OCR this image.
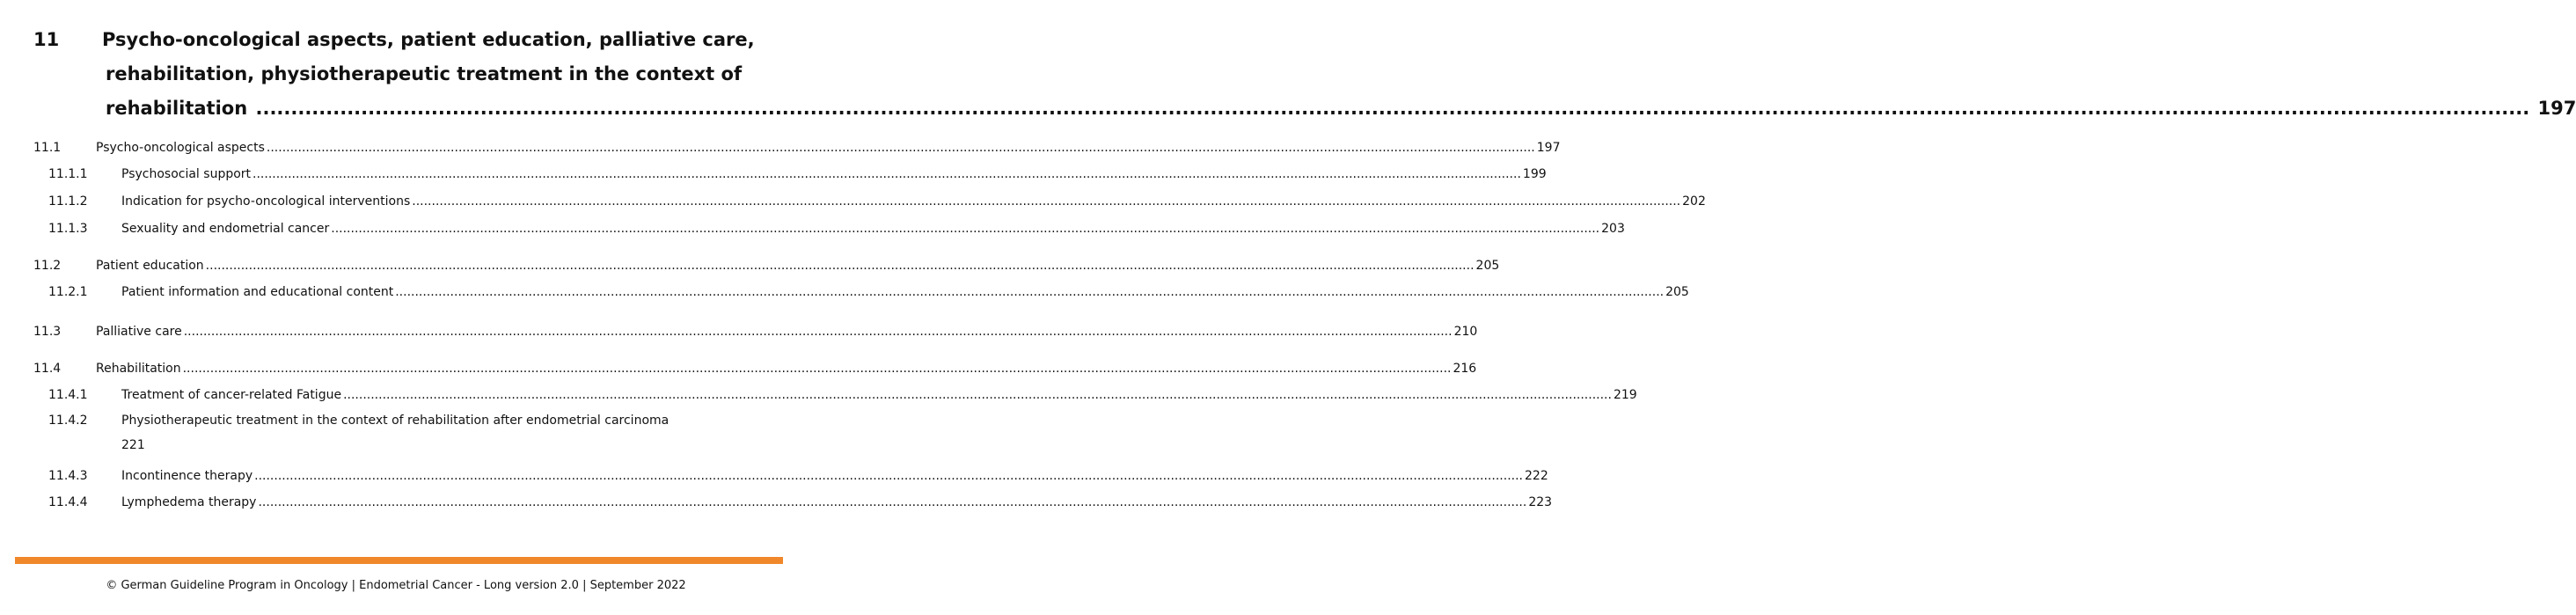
11 Psycho-oncological aspects, patient education, palliative care,
rehabilitation, physiotherapeutic treatment in the context of
rehabilitation .....	197
11.1	Psycho-oncological aspects .....	197
11.1.1	Psychosocial support .....	199
11.1.2	Indication for psycho-oncological interventions .....	202
11.1.3	Sexuality and endometrial cancer .....	203
11.2	Patient education .....	205
11.2.1	Patient information and educational content .....	205
11.3	Palliative care .....	210
11.4	Rehabilitation .....	216
11.4.1	Treatment of cancer-related Fatigue .....	219
11.4.2	Physiotherapeutic treatment in the context of rehabilitation after endometrial carcinoma
221
11.4.3	Incontinence therapy .....	222
11.4.4	Lymphedema therapy .....	223
© German Guideline Program in Oncology | Endometrial Cancer - Long version 2.0 | September 2022
